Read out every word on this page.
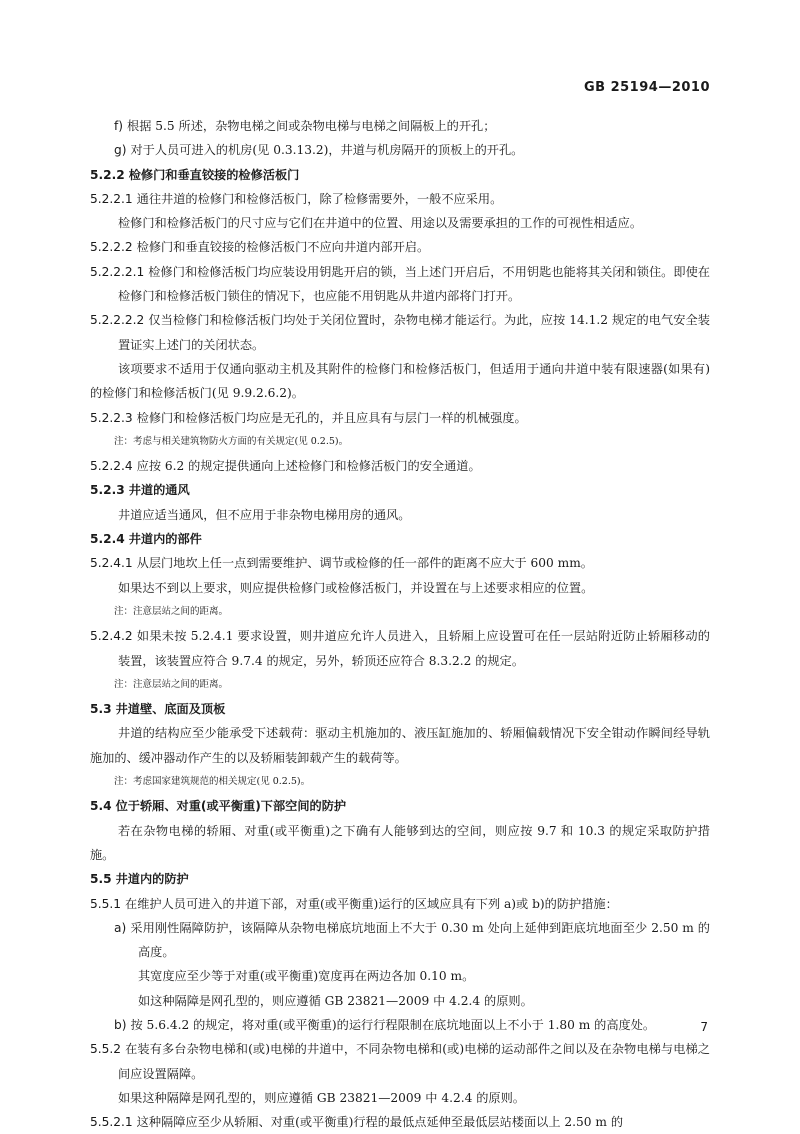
GB 25194—2010

f) 根据 5.5 所述，杂物电梯之间或杂物电梯与电梯之间隔板上的开孔；

g) 对于人员可进入的机房(见 0.3.13.2)，井道与机房隔开的顶板上的开孔。

5.2.2 检修门和垂直铰接的检修活板门

5.2.2.1 通往井道的检修门和检修活板门，除了检修需要外，一般不应采用。

检修门和检修活板门的尺寸应与它们在井道中的位置、用途以及需要承担的工作的可视性相适应。

5.2.2.2 检修门和垂直铰接的检修活板门不应向井道内部开启。

5.2.2.2.1 检修门和检修活板门均应装设用钥匙开启的锁，当上述门开启后，不用钥匙也能将其关闭和锁住。即使在检修门和检修活板门锁住的情况下，也应能不用钥匙从井道内部将门打开。

5.2.2.2.2 仅当检修门和检修活板门均处于关闭位置时，杂物电梯才能运行。为此，应按 14.1.2 规定的电气安全装置证实上述门的关闭状态。

该项要求不适用于仅通向驱动主机及其附件的检修门和检修活板门，但适用于通向井道中装有限速器(如果有)的检修门和检修活板门(见 9.9.2.6.2)。

5.2.2.3 检修门和检修活板门均应是无孔的，并且应具有与层门一样的机械强度。

注：考虑与相关建筑物防火方面的有关规定(见 0.2.5)。

5.2.2.4 应按 6.2 的规定提供通向上述检修门和检修活板门的安全通道。

5.2.3 井道的通风

井道应适当通风，但不应用于非杂物电梯用房的通风。

5.2.4 井道内的部件

5.2.4.1 从层门地坎上任一点到需要维护、调节或检修的任一部件的距离不应大于 600 mm。

如果达不到以上要求，则应提供检修门或检修活板门，并设置在与上述要求相应的位置。

注：注意层站之间的距离。

5.2.4.2 如果未按 5.2.4.1 要求设置，则井道应允许人员进入，且轿厢上应设置可在任一层站附近防止轿厢移动的装置，该装置应符合 9.7.4 的规定，另外，轿顶还应符合 8.3.2.2 的规定。

注：注意层站之间的距离。

5.3 井道壁、底面及顶板

井道的结构应至少能承受下述载荷：驱动主机施加的、液压缸施加的、轿厢偏载情况下安全钳动作瞬间经导轨施加的、缓冲器动作产生的以及轿厢装卸载产生的载荷等。

注：考虑国家建筑规范的相关规定(见 0.2.5)。

5.4 位于轿厢、对重(或平衡重)下部空间的防护

若在杂物电梯的轿厢、对重(或平衡重)之下确有人能够到达的空间，则应按 9.7 和 10.3 的规定采取防护措施。

5.5 井道内的防护

5.5.1 在维护人员可进入的井道下部，对重(或平衡重)运行的区域应具有下列 a)或 b)的防护措施：

a) 采用刚性隔障防护，该隔障从杂物电梯底坑地面上不大于 0.30 m 处向上延伸到距底坑地面至少 2.50 m 的高度。

其宽度应至少等于对重(或平衡重)宽度再在两边各加 0.10 m。

如这种隔障是网孔型的，则应遵循 GB 23821—2009 中 4.2.4 的原则。

b) 按 5.6.4.2 的规定，将对重(或平衡重)的运行行程限制在底坑地面以上不小于 1.80 m 的高度处。

5.5.2 在装有多台杂物电梯和(或)电梯的井道中，不同杂物电梯和(或)电梯的运动部件之间以及在杂物电梯与电梯之间应设置隔障。

如果这种隔障是网孔型的，则应遵循 GB 23821—2009 中 4.2.4 的原则。

5.5.2.1 这种隔障应至少从轿厢、对重(或平衡重)行程的最低点延伸至最低层站楼面以上 2.50 m 的

7
